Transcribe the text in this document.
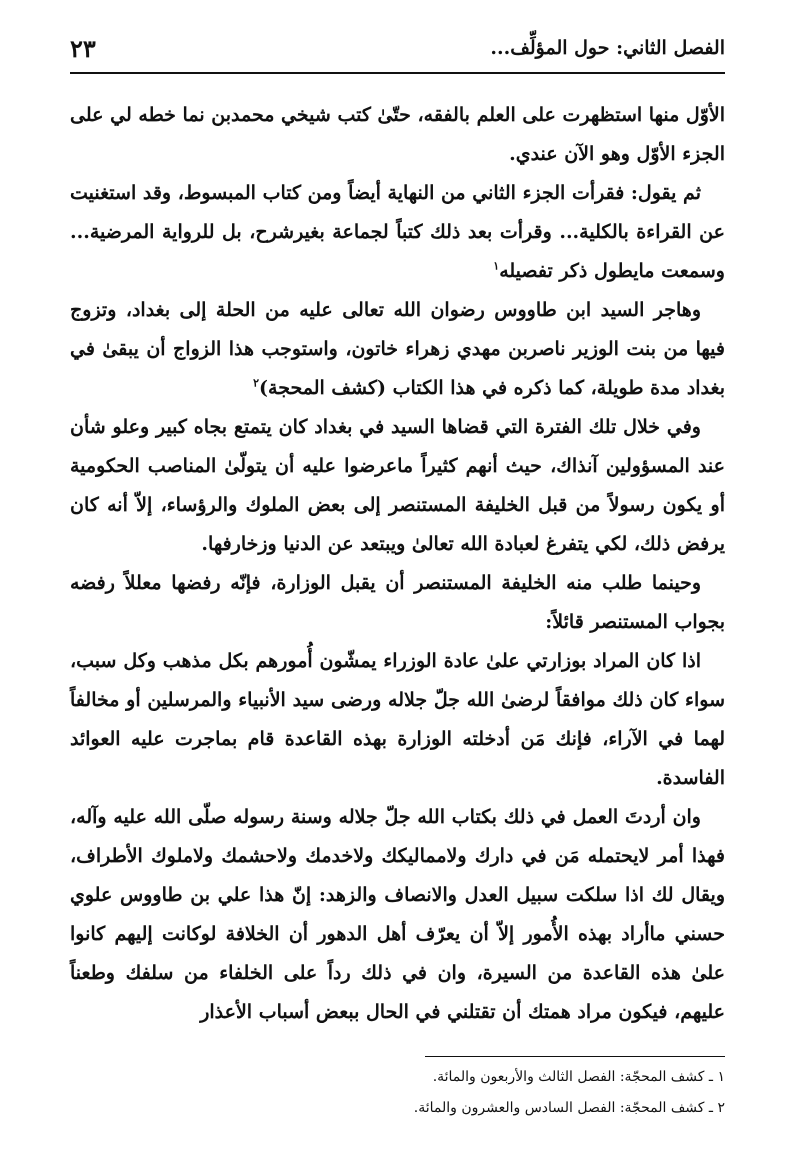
الفصل الثاني: حول المؤلِّف...
٢٣

الأوّل منها استظهرت على العلم بالفقه، حتّىٰ كتب شيخي محمدبن نما خطه لي على الجزء الأوّل وهو الآن عندي.

ثم يقول: فقرأت الجزء الثاني من النهاية أيضاً ومن كتاب المبسوط، وقد استغنيت عن القراءة بالكلية... وقرأت بعد ذلك كتباً لجماعة بغيرشرح، بل للرواية المرضية... وسمعت مايطول ذكر تفصيله$^١$

وهاجر السيد ابن طاووس رضوان الله تعالى عليه من الحلة إلى بغداد، وتزوج فيها من بنت الوزير ناصربن مهدي زهراء خاتون، واستوجب هذا الزواج أن يبقىٰ في بغداد مدة طويلة، كما ذكره في هذا الكتاب (كشف المحجة)$^٢$

وفي خلال تلك الفترة التي قضاها السيد في بغداد كان يتمتع بجاه كبير وعلو شأن عند المسؤولين آنذاك، حيث أنهم كثيراً ماعرضوا عليه أن يتولّىٰ المناصب الحكومية أو يكون رسولاً من قبل الخليفة المستنصر إلى بعض الملوك والرؤساء، إلاّ أنه كان يرفض ذلك، لكي يتفرغ لعبادة الله تعالىٰ ويبتعد عن الدنيا وزخارفها.

وحينما طلب منه الخليفة المستنصر أن يقبل الوزارة، فإنّه رفضها معللاً رفضه بجواب المستنصر قائلاً:

اذا كان المراد بوزارتي علىٰ عادة الوزراء يمشّون أُمورهم بكل مذهب وكل سبب، سواء كان ذلك موافقاً لرضىٰ الله جلّ جلاله ورضى سيد الأنبياء والمرسلين أو مخالفاً لهما في الآراء، فإنك مَن أدخلته الوزارة بهذه القاعدة قام بماجرت عليه العوائد الفاسدة.

وان أردتَ العمل في ذلك بكتاب الله جلّ جلاله وسنة رسوله صلّى الله عليه وآله، فهذا أمر لايحتمله مَن في دارك ولامماليكك ولاخدمك ولاحشمك ولاملوك الأطراف، ويقال لك اذا سلكت سبيل العدل والانصاف والزهد: إنّ هذا علي بن طاووس علوي حسني ماأراد بهذه الأُمور إلاّ أن يعرّف أهل الدهور أن الخلافة لوكانت إليهم كانوا علىٰ هذه القاعدة من السيرة، وان في ذلك رداً على الخلفاء من سلفك وطعناً عليهم، فيكون مراد همتك أن تقتلني في الحال ببعض أسباب الأعذار

١ ـ كشف المحجّة: الفصل الثالث والأربعون والمائة.
٢ ـ كشف المحجّة: الفصل السادس والعشرون والمائة.
